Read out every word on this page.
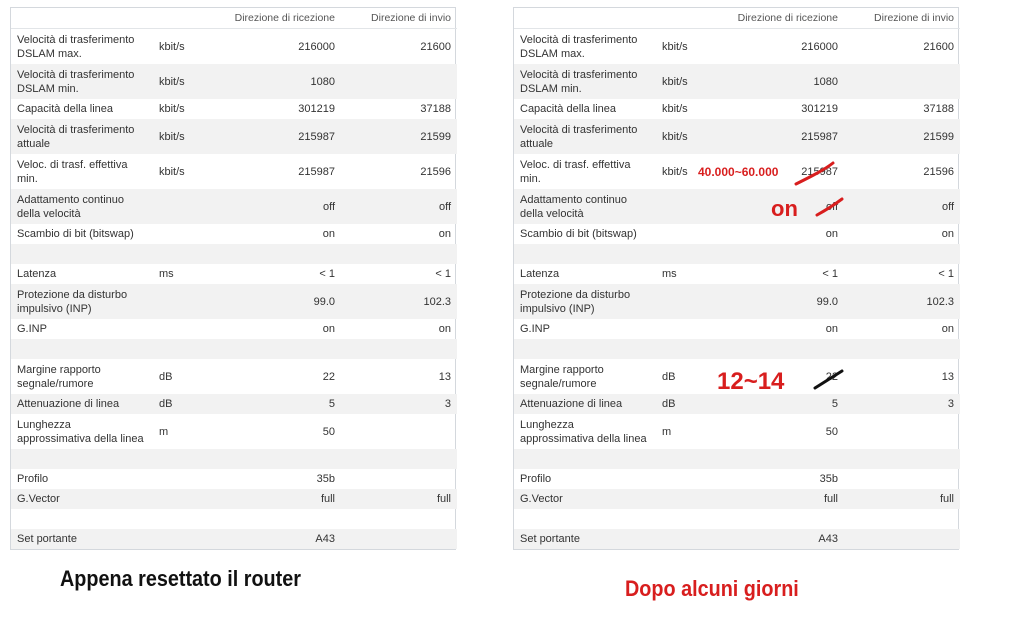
		Direzione di ricezione	Direzione di invio
Velocità di trasferimento DSLAM max.	kbit/s	216000	21600
Velocità di trasferimento DSLAM min.	kbit/s	1080	
Capacità della linea	kbit/s	301219	37188
Velocità di trasferimento attuale	kbit/s	215987	21599
Veloc. di trasf. effettiva min.	kbit/s	215987	21596
Adattamento continuo della velocità		off	off
Scambio di bit (bitswap)		on	on

Latenza	ms	< 1	< 1
Protezione da disturbo impulsivo (INP)		99.0	102.3
G.INP		on	on

Margine rapporto segnale/rumore	dB	22	13
Attenuazione di linea	dB	5	3
Lunghezza approssimativa della linea	m	50	

Profilo		35b	
G.Vector		full	full

Set portante		A43	
		Direzione di ricezione	Direzione di invio
Velocità di trasferimento DSLAM max.	kbit/s	216000	21600
Velocità di trasferimento DSLAM min.	kbit/s	1080	
Capacità della linea	kbit/s	301219	37188
Velocità di trasferimento attuale	kbit/s	215987	21599
Veloc. di trasf. effettiva min.	kbit/s	215987	21596
Adattamento continuo della velocità		off	off
Scambio di bit (bitswap)		on	on

Latenza	ms	< 1	< 1
Protezione da disturbo impulsivo (INP)		99.0	102.3
G.INP		on	on

Margine rapporto segnale/rumore	dB	22	13
Attenuazione di linea	dB	5	3
Lunghezza approssimativa della linea	m	50	

Profilo		35b	
G.Vector		full	full

Set portante		A43	
40.000~60.000
on
12~14
Appena resettato il router	Dopo alcuni giorni
